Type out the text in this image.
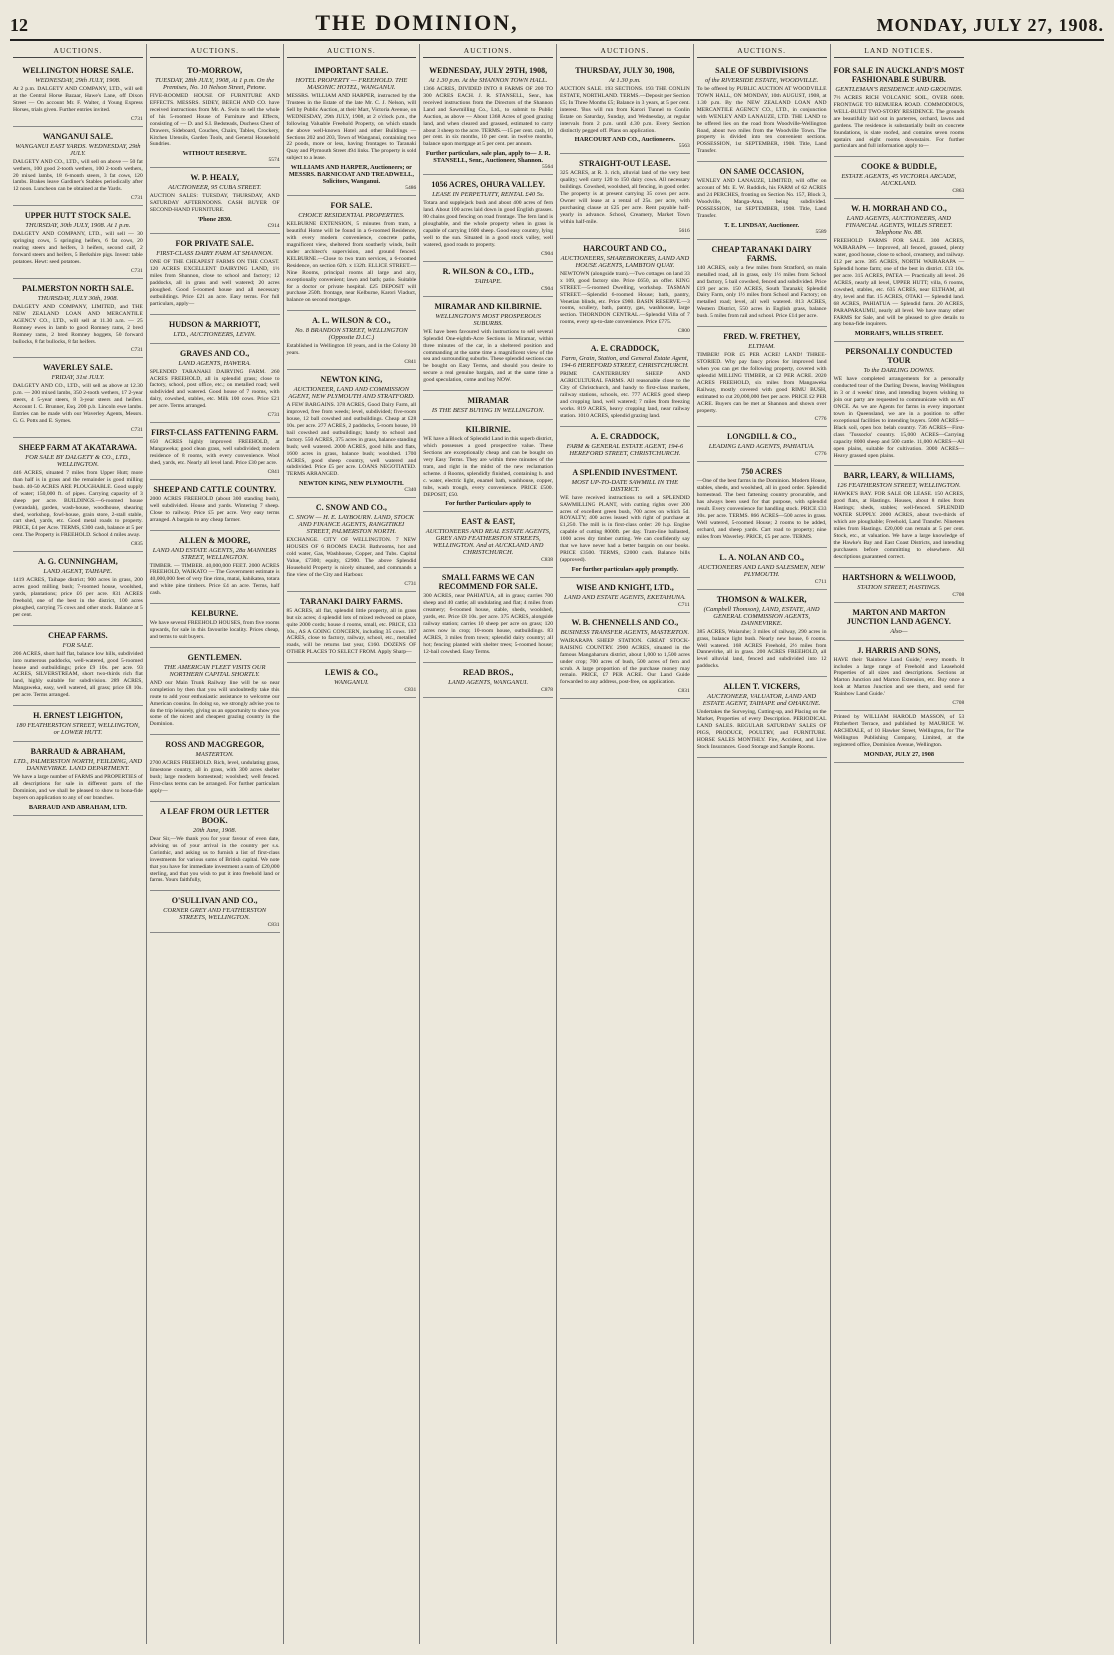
12	THE DOMINION,	MONDAY, JULY 27, 1908.
AUCTIONS.
WELLINGTON HORSE SALE.
WEDNESDAY, 29th JULY, 1908.
At 2 p.m. DALGETY AND COMPANY, LTD., will sell at the Central Horse Bazaar, Hawe's Lane, off Dixon Street — On account Mr. F. Walter, 4 Young Express Horses, trials given. Further entries invited.
C731
WANGANUI SALE.
WANGANUI EAST YARDS. WEDNESDAY, 29th JULY.
DALGETY AND CO., LTD., will sell on above — 50 fat wethers, 100 good 2-tooth wethers, 100 2-tooth wethers, 20 mixed lambs, 18 6-month steers, 3 fat cows, 120 lambs. Brakes leave Gardiner's Stables periodically after 12 noon. Luncheon can be obtained at the Yards.
C731
UPPER HUTT STOCK SALE.
THURSDAY, 30th JULY, 1908. At 1 p.m.
DALGETY AND COMPANY, LTD., will sell — 30 springing cows, 5 springing heifers, 6 fat cows, 20 rearing steers and heifers, 3 heifers, second calf, 2 forward steers and heifers, 5 Berkshire pigs. Invest: table potatoes. Hewt: seed potatoes.
C731
PALMERSTON NORTH SALE.
THURSDAY, JULY 30th, 1908.
DALGETY AND COMPANY, LIMITED, and THE NEW ZEALAND LOAN AND MERCANTILE AGENCY CO., LTD., will sell at 11.30 a.m. — 25 Romney ewes in lamb to good Romney rams, 2 bred Romney rams, 2 bred Romney hoggets, 50 forward bullocks, 8 fat bullocks, 8 fat heifers.
C731
WAVERLEY SALE.
FRIDAY, 31st JULY.
DALGETY AND CO., LTD., will sell as above at 12.30 p.m. — 200 mixed lambs, 350 2-tooth wethers, 17 2-year steers, 4 5-year steers, 8 3-year steers and heifers. Account I. C. Brunner, Esq. 200 p.b. Lincoln ewe lambs. Entries can be made with our Waverley Agents, Messrs. G. G. Potts and E. Symes.
C731
SHEEP FARM AT AKATARAWA.
FOR SALE BY DALGETY & CO., LTD., WELLINGTON.
446 ACRES, situated 7 miles from Upper Hutt; more than half is in grass and the remainder is good milling bush. 40-50 ACRES ARE PLOUGHABLE. Good supply of water; 150,000 ft. of pipes. Carrying capacity of 3 sheep per acre. BUILDINGS.—6-roomed house (verandah), garden, wash-house, woodhouse, shearing shed, workshop, fowl-house, grain store, 2-stall stable, cart shed, yards, etc. Good metal roads to property. PRICE, £4 per Acre. TERMS, £300 cash, balance at 5 per cent. The Property is FREEHOLD. School 4 miles away.
C835
A. G. CUNNINGHAM,
LAND AGENT, TAIHAPE.
1419 ACRES, Taihape district; 900 acres in grass, 200 acres good milling bush; 7-roomed house, woolshed, yards, plantations; price £6 per acre. 831 ACRES freehold, one of the best in the district, 100 acres ploughed, carrying 75 cows and other stock. Balance at 5 per cent.
CHEAP FARMS.
FOR SALE.
206 ACRES, short half flat, balance low hills, subdivided into numerous paddocks, well-watered, good 5-roomed house and outbuildings; price £9 10s. per acre. 93 ACRES, SILVERSTREAM, short two-thirds rich flat land, highly suitable for subdivision. 289 ACRES, Mangaweka, easy, well watered, all grass; price £8 10s. per acre. Terms arranged.
H. ERNEST LEIGHTON,
180 FEATHERSTON STREET, WELLINGTON, or LOWER HUTT.
BARRAUD & ABRAHAM,
LTD., PALMERSTON NORTH, FEILDING, AND DANNEVIRKE. LAND DEPARTMENT.
We have a large number of FARMS and PROPERTIES of all descriptions for sale in different parts of the Dominion, and we shall be pleased to show to bona-fide buyers on application to any of our branches.
BARRAUD AND ABRAHAM, LTD.
AUCTIONS.
TO-MORROW,
TUESDAY, 28th JULY, 1908, At 1 p.m. On the Premises, No. 10 Nelson Street, Petone.
FIVE-ROOMED HOUSE OF FURNITURE AND EFFECTS. MESSRS. SIDEY, BEECH AND CO. have received instructions from Mr. A. Swin to sell the whole of his 5-roomed House of Furniture and Effects, consisting of — D. and S.I. Bedsteads, Duchess Chest of Drawers, Sideboard, Couches, Chairs, Tables, Crockery, Kitchen Utensils, Garden Tools, and General Household Sundries.
WITHOUT RESERVE.
5574
W. P. HEALY,
AUCTIONEER, 95 CUBA STREET.
AUCTION SALES: TUESDAY, THURSDAY, AND SATURDAY AFTERNOONS. CASH BUYER OF SECOND-HAND FURNITURE.
'Phone 2830.
C914
FOR PRIVATE SALE.
FIRST-CLASS DAIRY FARM AT SHANNON.
ONE OF THE CHEAPEST FARMS ON THE COAST. 120 ACRES EXCELLENT DAIRYING LAND, 1½ miles from Shannon, close to school and factory; 12 paddocks, all in grass and well watered; 20 acres ploughed. Good 5-roomed house and all necessary outbuildings. Price £21 an acre. Easy terms. For full particulars, apply—
HUDSON & MARRIOTT,
LTD., AUCTIONEERS, LEVIN.
GRAVES AND CO.,
LAND AGENTS, HAWERA.
SPLENDID TARANAKI DAIRYING FARM. 260 ACRES FREEHOLD, all in splendid grass; close to factory, school, post office, etc.; on metalled road; well subdivided and watered. Good house of 7 rooms, with dairy, cowshed, stables, etc. Milk 100 cows. Price £21 per acre. Terms arranged.
C731
FIRST-CLASS FATTENING FARM.
650 ACRES highly improved FREEHOLD, at Mangaweka; good clean grass, well subdivided; modern residence of 8 rooms, with every convenience. Wool shed, yards, etc. Nearly all level land. Price £30 per acre.
C841
SHEEP AND CATTLE COUNTRY.
2000 ACRES FREEHOLD (about 300 standing bush), well subdivided. House and yards. Wintering 7 sheep. Close to railway. Price £5 per acre. Very easy terms arranged. A bargain to any cheap farmer.
ALLEN & MOORE,
LAND AND ESTATE AGENTS, 28a MANNERS STREET, WELLINGTON.
TIMBER. — TIMBER. 40,000,000 FEET. 2000 ACRES FREEHOLD, WAIKATO — The Government estimate is 40,000,000 feet of very fine rimu, matai, kahikatea, totara and white pine timbers. Price £4 an acre. Terms, half cash.
KELBURNE.
We have several FREEHOLD HOUSES, from five rooms upwards, for sale in this favourite locality. Prices cheap, and terms to suit buyers.
GENTLEMEN.
THE AMERICAN FLEET VISITS OUR NORTHERN CAPITAL SHORTLY.
AND our Main Trunk Railway line will be so near completion by then that you will undoubtedly take this route to add your enthusiastic assistance to welcome our American cousins. In doing so, we strongly advise you to do the trip leisurely, giving us an opportunity to show you some of the nicest and cheapest grazing country in the Dominion.
ROSS AND MACGREGOR,
MASTERTON.
2700 ACRES FREEHOLD. Rich, level, undulating grass, limestone country, all in grass, with 300 acres shelter bush; large modern homestead; woolshed; well fenced. First-class terms can be arranged. For further particulars apply—
A LEAF FROM OUR LETTER BOOK.
20th June, 1908.
Dear Sir,—We thank you for your favour of even date, advising us of your arrival in the country per s.s. Corinthic, and asking us to furnish a list of first-class investments for various sums of British capital. We note that you have for immediate investment a sum of £20,000 sterling, and that you wish to put it into freehold land or farms. Yours faithfully,
O'SULLIVAN AND CO.,
CORNER GREY AND FEATHERSTON STREETS, WELLINGTON.
C831
AUCTIONS.
IMPORTANT SALE.
HOTEL PROPERTY — FREEHOLD. THE MASONIC HOTEL, WANGANUI.
MESSRS. WILLIAM AND HARPER, instructed by the Trustees in the Estate of the late Mr. C. J. Nelson, will Sell by Public Auction, at their Mart, Victoria Avenue, on WEDNESDAY, 29th JULY, 1908, at 2 o'clock p.m., the following Valuable Freehold Property, on which stands the above well-known Hotel and other Buildings — Sections 202 and 203, Town of Wanganui, containing two 22 poods, more or less, having frontages to Taranaki Quay and Plymouth Street 494 links. The property is sold subject to a lease.
WILLIAMS AND HARPER, Auctioneers; or MESSRS. BARNICOAT AND TREADWELL, Solicitors, Wanganui.
5486
FOR SALE.
CHOICE RESIDENTIAL PROPERTIES.
KELBURNE EXTENSION, 5 minutes from tram, a beautiful Home will be found in a 6-roomed Residence, with every modern convenience, concrete paths, magnificent view, sheltered from southerly winds, built under architect's supervision, and ground fenced. KELBURNE.—Close to two tram services, a 6-roomed Residence, on section 62ft. x 132ft. ELLICE STREET.—Nine Rooms, principal rooms all large and airy, exceptionally convenient; lawn and bath; patio. Suitable for a doctor or private hospital. £25 DEPOSIT will purchase 250ft. frontage, near Kelburne, Karori Viaduct, balance on second mortgage.
A. L. WILSON & CO.,
No. 8 BRANDON STREET, WELLINGTON (Opposite D.I.C.)
Established in Wellington 18 years, and in the Colony 30 years.
C841
NEWTON KING,
AUCTIONEER, LAND AND COMMISSION AGENT, NEW PLYMOUTH AND STRATFORD.
A FEW BARGAINS. 378 ACRES, Good Dairy Farm, all improved, free from weeds; level, subdivided; five-room house, 12 ball cowshed and outbuildings. Cheap at £28 10s. per acre. 277 ACRES, 2 paddocks, 5-room house, 10 bail cowshed and outbuildings; handy to school and factory. 550 ACRES, 375 acres in grass, balance standing bush; well watered. 2000 ACRES, good hills and flats, 1600 acres in grass, balance bush; woolshed. 1700 ACRES, good sheep country, well watered and subdivided. Price £5 per acre. LOANS NEGOTIATED. TERMS ARRANGED.
NEWTON KING, NEW PLYMOUTH.
C340
C. SNOW AND CO.,
C. SNOW — H. E. LAYBOURN. LAND, STOCK AND FINANCE AGENTS, RANGITIKEI STREET, PALMERSTON NORTH.
EXCHANGE. CITY OF WELLINGTON. 7 NEW HOUSES OF 6 ROOMS EACH. Bathrooms, hot and cold water, Gas, Washhouse, Copper, and Tubs. Capital Value, £7300; equity, £2900. The above Splendid Household Property is nicely situated, and commands a fine view of the City and Harbour.
C731
TARANAKI DAIRY FARMS.
85 ACRES, all flat, splendid little property, all in grass but six acres; 4 splendid lots of mixed redwood on place, quite 2000 cords; house 4 rooms, small, etc. PRICE, £33 10s., AS A GOING CONCERN, including 35 cows. 187 ACRES, close to factory, railway, school, etc., metalled roads, will be returns last year, £160. DOZENS OF OTHER PLACES TO SELECT FROM. Apply Sharp—
LEWIS & CO.,
WANGANUI.
C831
AUCTIONS.
WEDNESDAY, JULY 29TH, 1908,
At 1.30 p.m. At the SHANNON TOWN HALL.
1366 ACRES, DIVIDED INTO 8 FARMS OF 200 TO 300 ACRES EACH. J. R. STANSELL, Senr., has received instructions from the Directors of the Shannon Land and Sawmilling Co., Ltd., to submit to Public Auction, as above — About 1368 Acres of good grazing land, and when cleared and grassed, estimated to carry about 3 sheep to the acre. TERMS.—15 per cent. cash, 10 per cent. in six months, 10 per cent. in twelve months, balance upon mortgage at 5 per cent. per annum.
Further particulars, sale plan, apply to— J. R. STANSELL, Senr., Auctioneer, Shannon.
5564
1056 ACRES, OHURA VALLEY.
LEASE IN PERPETUITY, RENTAL £40 5s.
Totara and supplejack bush and about 400 acres of fern land. About 100 acres laid down in good English grasses. 80 chains good fencing on road frontage. The fern land is ploughable, and the whole property when in grass is capable of carrying 1600 sheep. Good easy country, lying well to the sun. Situated in a good stock valley, well watered, good roads to property.
C904
R. WILSON & CO., LTD.,
TAIHAPE.
C904
MIRAMAR AND KILBIRNIE.
WELLINGTON'S MOST PROSPEROUS SUBURBS.
WE have been favoured with instructions to sell several Splendid One-eighth-Acre Sections in Miramar, within three minutes of the car, in a sheltered position and commanding at the same time a magnificent view of the sea and surrounding suburbs. These splendid sections can be bought on Easy Terms, and should you desire to secure a real genuine bargain, and at the same time a good speculation, come and buy NOW.
MIRAMAR
IS THE BEST BUYING IN WELLINGTON.
KILBIRNIE.
WE have a Block of Splendid Land in this superb district, which possesses a good prospective value. These Sections are exceptionally cheap and can be bought on very Easy Terms. They are within three minutes of the tram, and right in the midst of the new reclamation scheme. 4 Rooms, splendidly finished, containing h. and c. water, electric light, enamel bath, washhouse, copper, tubs, wash trough, every convenience. PRICE £500. DEPOSIT, £50.
For further Particulars apply to
EAST & EAST,
AUCTIONEERS AND REAL ESTATE AGENTS, GREY AND FEATHERSTON STREETS, WELLINGTON. And at AUCKLAND AND CHRISTCHURCH.
C838
SMALL FARMS WE CAN RECOMMEND FOR SALE.
300 ACRES, near PAHIATUA, all in grass; carries 700 sheep and 40 cattle; all undulating and flat; 4 miles from creamery; 6-roomed house, stable, sheds, woolshed, yards, etc. Price £8 10s. per acre. 375 ACRES, alongside railway station; carries 10 sheep per acre on grass; 120 acres now in crop; 10-room house, outbuildings. 83 ACRES, 3 miles from town; splendid dairy country; all hot; fencing planted with shelter trees; 5-roomed house; 12-bail cowshed. Easy Terms.
READ BROS.,
LAND AGENTS, WANGANUI.
C878
AUCTIONS.
THURSDAY, JULY 30, 1908,
At 1.30 p.m.
AUCTION SALE. 193 SECTIONS. 193 THE CONLIN ESTATE, NORTHLAND. TERMS.—Deposit per Section £5; In Three Months £5; Balance in 3 years, at 5 per cent. interest. 'Bus will run from Karori Tunnel to Conlin Estate on Saturday, Sunday, and Wednesday, at regular intervals from 2 p.m. until 4.30 p.m. Every Section distinctly pegged off. Plans on application.
HARCOURT AND CO., Auctioneers.
5563
STRAIGHT-OUT LEASE.
325 ACRES, at R. 3. rich, alluvial land of the very best quality; well carry 120 to 150 dairy cows. All necessary buildings. Cowshed, woolshed, all fencing, in good order. The property is at present carrying 35 cows per acre. Owner will lease at a rental of 25s. per acre, with purchasing clause at £25 per acre. Rent payable half-yearly in advance. School, Creamery, Market Town within half-mile.
5616
HARCOURT AND CO.,
AUCTIONEERS, SHAREBROKERS, LAND AND HOUSE AGENTS, LAMBTON QUAY.
NEWTOWN (alongside tram).—Two cottages on land 33 x 109, good factory site. Price £650, an offer. KING STREET.—5-roomed Dwelling, workshop. TASMAN STREET.—Splendid 6-roomed House; bath, pantry, Venetian blinds, etc. Price £980. BASIN RESERVE.—3 rooms, scullery, bath, pantry, gas, washhouse, large section. THORNDON CENTRAL.—Splendid Villa of 7 rooms, every up-to-date convenience. Price £775.
C800
A. E. CRADDOCK,
Farm, Grain, Station, and General Estate Agent, 194-6 HEREFORD STREET, CHRISTCHURCH.
PRIME CANTERBURY SHEEP AND AGRICULTURAL FARMS. All reasonable close to the City of Christchurch, and handy to first-class markets, railway stations, schools, etc. 777 ACRES good sheep and cropping land, well watered; 7 miles from freezing works. 819 ACRES, heavy cropping land, near railway station. 1010 ACRES, splendid grazing land.
A. E. CRADDOCK,
FARM & GENERAL ESTATE AGENT, 194-6 HEREFORD STREET, CHRISTCHURCH.
A SPLENDID INVESTMENT.
MOST UP-TO-DATE SAWMILL IN THE DISTRICT.
WE have received instructions to sell a SPLENDID SAWMILLING PLANT, with cutting rights over 200 acres of excellent green bush, 700 acres on which 5d. ROYALTY; 400 acres leased with right of purchase at £1,250. The mill is in first-class order: 20 h.p. Engine capable of cutting 8000ft. per day. Tram-line ballasted, 1000 acres dry timber cutting. We can confidently say that we have never had a better bargain on our books. PRICE £3500. TERMS, £2000 cash. Balance bills (approved).
For further particulars apply promptly.
WISE AND KNIGHT, LTD.,
LAND AND ESTATE AGENTS, EKETAHUNA.
C711
W. B. CHENNELLS AND CO.,
BUSINESS TRANSFER AGENTS, MASTERTON.
WAIRARAPA SHEEP STATION. GREAT STOCK-RAISING COUNTRY. 2900 ACRES, situated in the famous Mangaharuru district, about 1,000 to 1,500 acres under crop; 700 acres of bush, 500 acres of fern and scrub. A large proportion of the purchase money may remain. PRICE, £7 PER ACRE. Our Land Guide forwarded to any address, post-free, on application.
C831
AUCTIONS.
SALE OF SUBDIVISIONS
of the RIVERSIDE ESTATE, WOODVILLE.
To be offered by PUBLIC AUCTION AT WOODVILLE TOWN HALL, ON MONDAY, 10th AUGUST, 1908, at 1.30 p.m. By the NEW ZEALAND LOAN AND MERCANTILE AGENCY CO., LTD., in conjunction with WENLEY AND LANAUZE, LTD. THE LAND to be offered lies on the road from Woodville-Wellington Road, about two miles from the Woodville Town. The property is divided into ten convenient sections. POSSESSION, 1st SEPTEMBER, 1908. Title, Land Transfer.
ON SAME OCCASION,
WENLEY AND LANAUZE, LIMITED, will offer on account of Mr. E. W. Ruddick, his FARM of 62 ACRES and 24 PERCHES, fronting on Section No. 157, Block 3, Woodville, Manga-Atua, being subdivided. POSSESSION, 1st SEPTEMBER, 1908. Title, Land Transfer.
T. E. LINDSAY, Auctioneer.
5589
CHEAP TARANAKI DAIRY FARMS.
140 ACRES, only a few miles from Stratford, on main metalled road, all in grass, only 1½ miles from School and factory, 5 bail cowshed, fenced and subdivided. Price £19 per acre. 150 ACRES, South Taranaki; Splendid Dairy Farm, only 1½ miles from School and Factory; on metalled road; level, all well watered. 813 ACRES, Western District, 550 acres in English grass, balance bush. 5 miles from rail and school. Price £14 per acre.
FRED. W. FRETHEY,
ELTHAM.
TIMBER! FOR £5 PER ACRE! LAND! THREE-STORIED. Why pay fancy prices for improved land when you can get the following property, covered with splendid MILLING TIMBER, at £2 PER ACRE. 2020 ACRES FREEHOLD, six miles from Mangaweka Railway, mostly covered with good RIMU BUSH, estimated to cut 20,000,000 feet per acre. PRICE £2 PER ACRE. Buyers can be met at Shannon and shown over property.
C776
LONGDILL & CO.,
LEADING LAND AGENTS, PAHIATUA.
C776
750 ACRES
—One of the best farms in the Dominion. Modern House, stables, sheds, and woolshed, all in good order. Splendid homestead. The best fattening country procurable, and has always been used for that purpose, with splendid result. Every convenience for handling stock. PRICE £33 10s. per acre. TERMS. 866 ACRES—500 acres in grass. Well watered, 5-roomed House; 2 rooms to be added, orchard, and sheep yards. Cart road to property; nine miles from Waverley. PRICE, £5 per acre. TERMS.
L. A. NOLAN AND CO.,
AUCTIONEERS AND LAND SALESMEN, NEW PLYMOUTH.
C711
THOMSON & WALKER,
(Campbell Thomson), LAND, ESTATE, AND GENERAL COMMISSION AGENTS, DANNEVIRKE.
385 ACRES, Waiaruhe; 3 miles of railway, 290 acres in grass, balance light bush. Nearly new house, 6 rooms. Well watered. 168 ACRES Freehold, 2½ miles from Dannevirke, all in grass. 200 ACRES FREEHOLD, all level alluvial land, fenced and subdivided into 12 paddocks.
ALLEN T. VICKERS,
AUCTIONEER, VALUATOR, LAND AND ESTATE AGENT, TAIHAPE and OHAKUNE.
Undertakes the Surveying, Cutting-up, and Placing on the Market, Properties of every Description. PERIODICAL LAND SALES. REGULAR SATURDAY SALES OF PIGS, PRODUCE, POULTRY, and FURNITURE. HORSE SALES MONTHLY. Fire, Accident, and Live Stock Insurances. Good Storage and Sample Rooms.
LAND NOTICES.
FOR SALE IN AUCKLAND'S MOST FASHIONABLE SUBURB.
GENTLEMAN'S RESIDENCE AND GROUNDS.
7½ ACRES RICH VOLCANIC SOIL, OVER 600ft. FRONTAGE TO REMUERA ROAD. COMMODIOUS, WELL-BUILT TWO-STORY RESIDENCE. The grounds are beautifully laid out in parterres, orchard, lawns and gardens. The residence is substantially built on concrete foundations, is slate roofed, and contains seven rooms upstairs and eight rooms downstairs. For further particulars and full information apply to—
COOKE & BUDDLE,
ESTATE AGENTS, 45 VICTORIA ARCADE, AUCKLAND.
C863
W. H. MORRAH AND CO.,
LAND AGENTS, AUCTIONEERS, AND FINANCIAL AGENTS, WILLIS STREET. Telephone No. 88.
FREEHOLD FARMS FOR SALE. 300 ACRES, WAIRARAPA — Improved, all fenced, grassed, plenty water, good house, close to school, creamery, and railway. £12 per acre. 385 ACRES, NORTH WAIRARAPA — Splendid home farm; one of the best in district. £13 10s. per acre. 315 ACRES, PATEA — Practically all level. 26 ACRES, nearly all level, UPPER HUTT; villa, 6 rooms, cowshed, stables, etc. 635 ACRES, near ELTHAM, all dry, level and flat. 15 ACRES, OTAKI — Splendid land. 68 ACRES, PAHIATUA — Splendid farm. 20 ACRES, PARAPARAUMU, nearly all level. We have many other FARMS for Sale, and will be pleased to give details to any bona-fide inquirers.
MORRAH'S, WILLIS STREET.
PERSONALLY CONDUCTED TOUR
To the DARLING DOWNS.
WE have completed arrangements for a personally conducted tour of the Darling Downs, leaving Wellington in 3 or 4 weeks' time, and intending buyers wishing to join our party are requested to communicate with us AT ONCE. As we are Agents for farms in every important town in Queensland, we are in a position to offer exceptional facilities to intending buyers. 5000 ACRES—Black soil, open box belah country. 736 ACRES—First-class 'Tussocks' country. 15,000 ACRES—Carrying capacity 8000 sheep and 500 cattle. 11,000 ACRES—All open plains, suitable for cultivation. 3000 ACRES—Heavy grassed open plains.
BARR, LEARY, & WILLIAMS,
126 FEATHERSTON STREET, WELLINGTON.
HAWKE'S BAY. FOR SALE OR LEASE. 150 ACRES, good flats, at Hastings. Houses, about 8 miles from Hastings; sheds, stables; well-fenced. SPLENDID WATER SUPPLY. 2000 ACRES, about two-thirds of which are ploughable; Freehold, Land Transfer. Nineteen miles from Hastings. £20,000 can remain at 5 per cent. Stock, etc., at valuation. We have a large knowledge of the Hawke's Bay and East Coast Districts, and intending purchasers before committing to elsewhere. All descriptions guaranteed correct.
HARTSHORN & WELLWOOD,
STATION STREET, HASTINGS.
C708
MARTON AND MARTON JUNCTION LAND AGENCY.
Also—
J. HARRIS AND SONS,
HAVE their 'Rainbow Land Guide,' every month. It includes a large range of Freehold and Leasehold Properties of all sizes and descriptions. Sections at Marton Junction and Marton Extension, etc. Buy once a look at Marton Junction and see them, and send for 'Rainbow Land Guide.'
C708
Printed by WILLIAM HAROLD MASSON, of 53 Pitzherbert Terrace, and published by MAURICE W. ARCHDALE, of 10 Hawker Street, Wellington, for The Wellington Publishing Company, Limited, at the registered office, Dominion Avenue, Wellington.
MONDAY, JULY 27, 1908
